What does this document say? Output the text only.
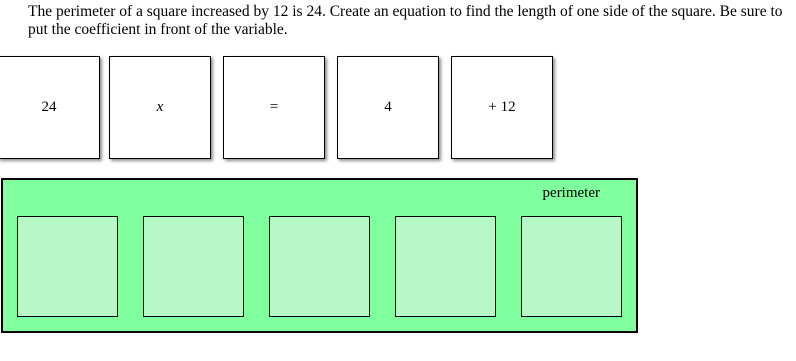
The perimeter of a square increased by 12 is 24. Create an equation to find the length of one side of the square. Be sure to
put the coefficient in front of the variable.
24	x	=	4	+ 12
perimeter
